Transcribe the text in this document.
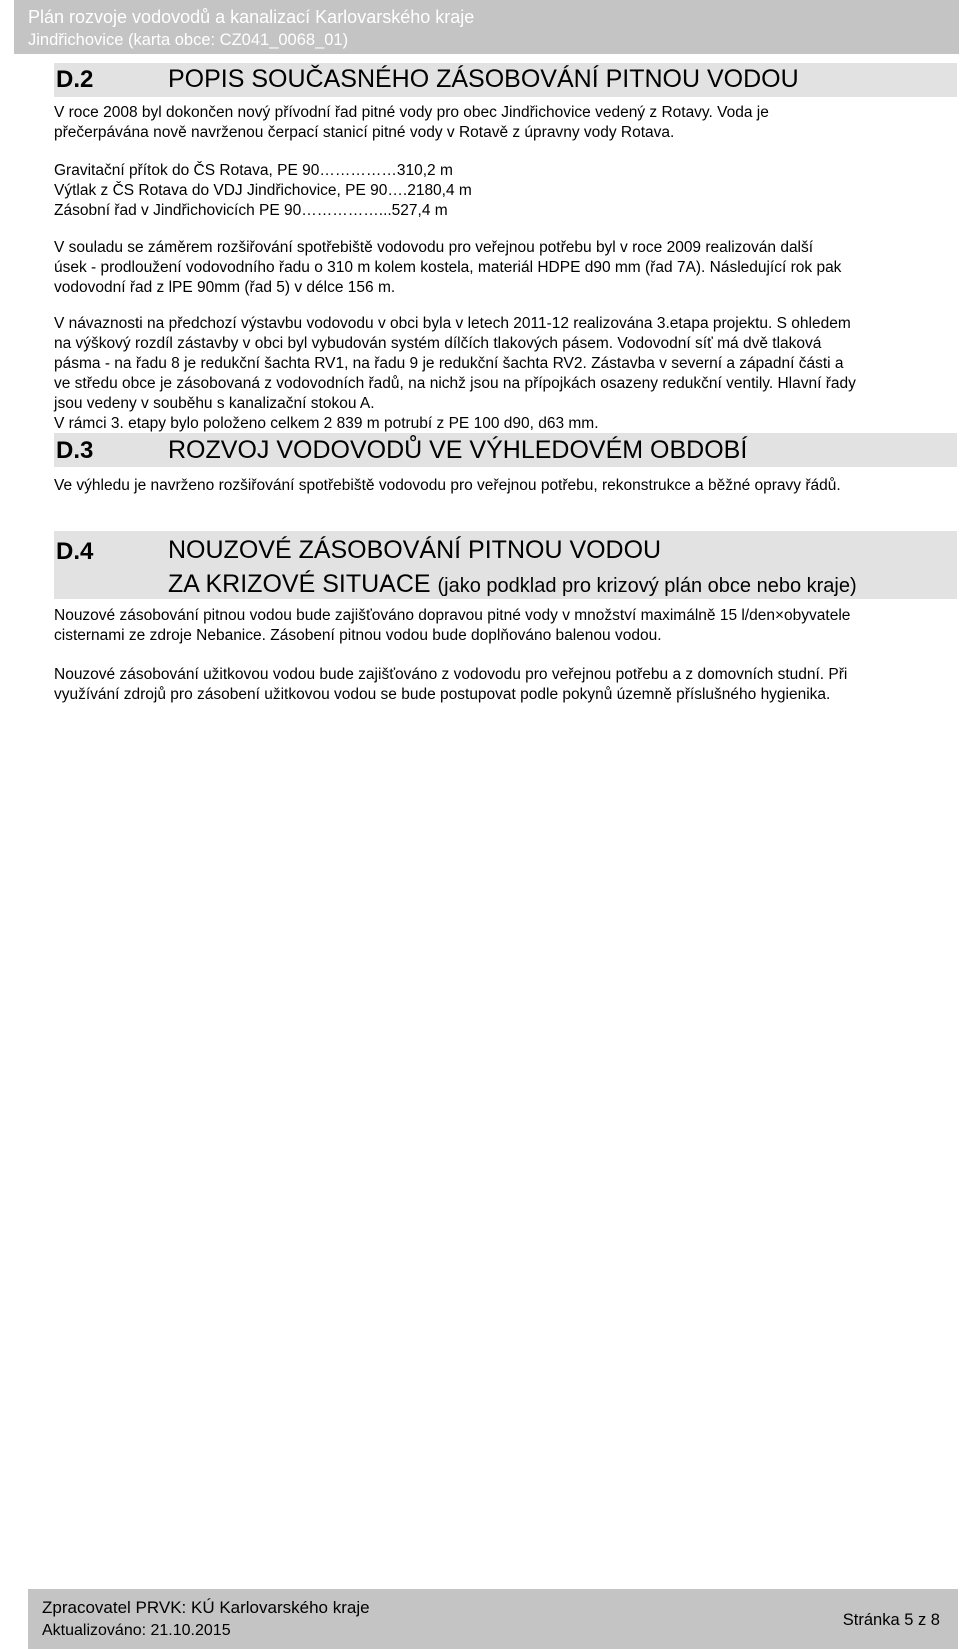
Plán rozvoje vodovodů a kanalizací Karlovarského kraje
Jindřichovice (karta obce: CZ041_0068_01)
D.2	POPIS SOUČASNÉHO ZÁSOBOVÁNÍ PITNOU VODOU
V roce 2008 byl dokončen nový přívodní řad pitné vody pro obec Jindřichovice vedený z Rotavy. Voda je
přečerpávána nově navrženou čerpací stanicí pitné vody v Rotavě z úpravny vody Rotava.
Gravitační přítok do ČS Rotava, PE 90……………310,2 m
Výtlak z ČS Rotava do VDJ Jindřichovice, PE 90….2180,4 m
Zásobní řad v Jindřichovicích PE 90……………...527,4 m
V souladu se záměrem rozšiřování spotřebiště vodovodu pro veřejnou potřebu byl v roce 2009 realizován další
úsek - prodloužení vodovodního řadu o 310 m kolem kostela, materiál HDPE d90 mm (řad 7A). Následující rok pak
vodovodní řad z lPE 90mm (řad 5) v délce 156 m.
V návaznosti na předchozí výstavbu vodovodu v obci byla v letech 2011-12 realizována 3.etapa projektu. S ohledem
na výškový rozdíl zástavby v obci byl vybudován systém dílčích tlakových pásem. Vodovodní síť má dvě tlaková
pásma - na řadu 8 je redukční šachta RV1, na řadu 9 je redukční šachta RV2. Zástavba v severní a západní části a
ve středu obce je zásobovaná z vodovodních řadů, na nichž jsou na přípojkách osazeny redukční ventily. Hlavní řady
jsou vedeny v souběhu s kanalizační stokou A.
V rámci 3. etapy bylo položeno celkem 2 839 m potrubí z PE 100 d90, d63 mm.
D.3	ROZVOJ VODOVODŮ VE VÝHLEDOVÉM OBDOBÍ
Ve výhledu je navrženo rozšiřování spotřebiště vodovodu pro veřejnou potřebu, rekonstrukce a běžné opravy řádů.
D.4	NOUZOVÉ ZÁSOBOVÁNÍ PITNOU VODOU
ZA KRIZOVÉ SITUACE (jako podklad pro krizový plán obce nebo kraje)
Nouzové zásobování pitnou vodou bude zajišťováno dopravou pitné vody v množství maximálně 15 l/den×obyvatele
cisternami ze zdroje Nebanice. Zásobení pitnou vodou bude doplňováno balenou vodou.
Nouzové zásobování užitkovou vodou bude zajišťováno z vodovodu pro veřejnou potřebu a z domovních studní. Při
využívání zdrojů pro zásobení užitkovou vodou se bude postupovat podle pokynů územně příslušného hygienika.
Zpracovatel PRVK: KÚ Karlovarského kraje
Aktualizováno: 21.10.2015
Stránka 5 z 8
